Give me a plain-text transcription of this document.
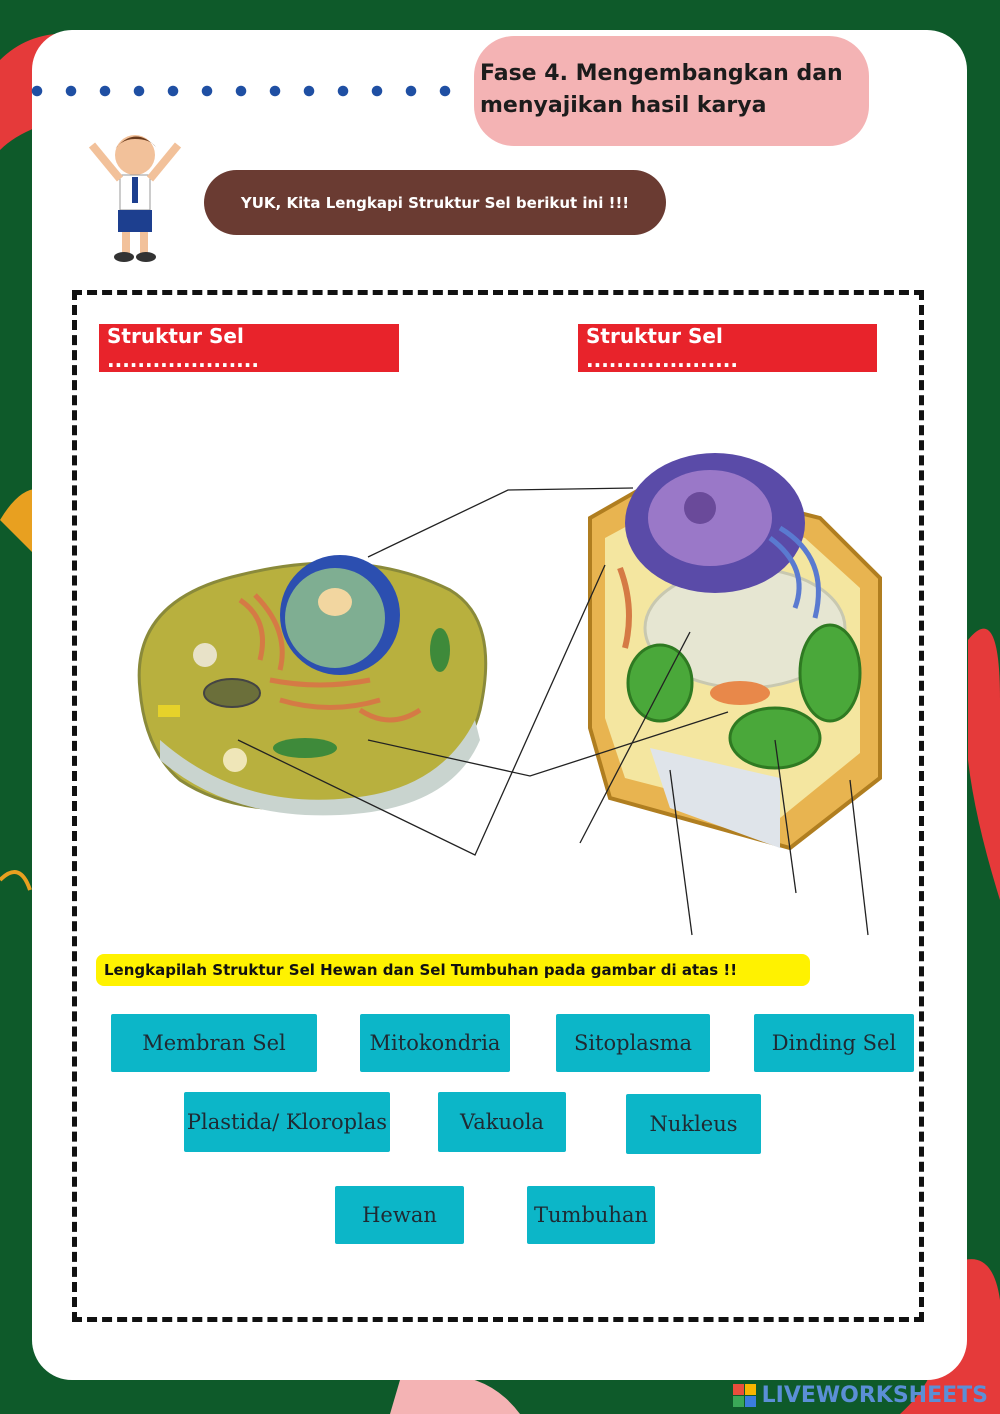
Fase 4. Mengembangkan dan
menyajikan hasil karya
YUK, Kita Lengkapi Struktur Sel berikut ini !!!
Struktur Sel ....................
Struktur Sel ....................
Lengkapilah Struktur Sel Hewan dan Sel Tumbuhan pada gambar di atas !!
Membran Sel	Mitokondria	Sitoplasma	Dinding Sel
Plastida/ Kloroplas	Vakuola	Nukleus
Hewan	Tumbuhan
LIVEWORKSHEETS
